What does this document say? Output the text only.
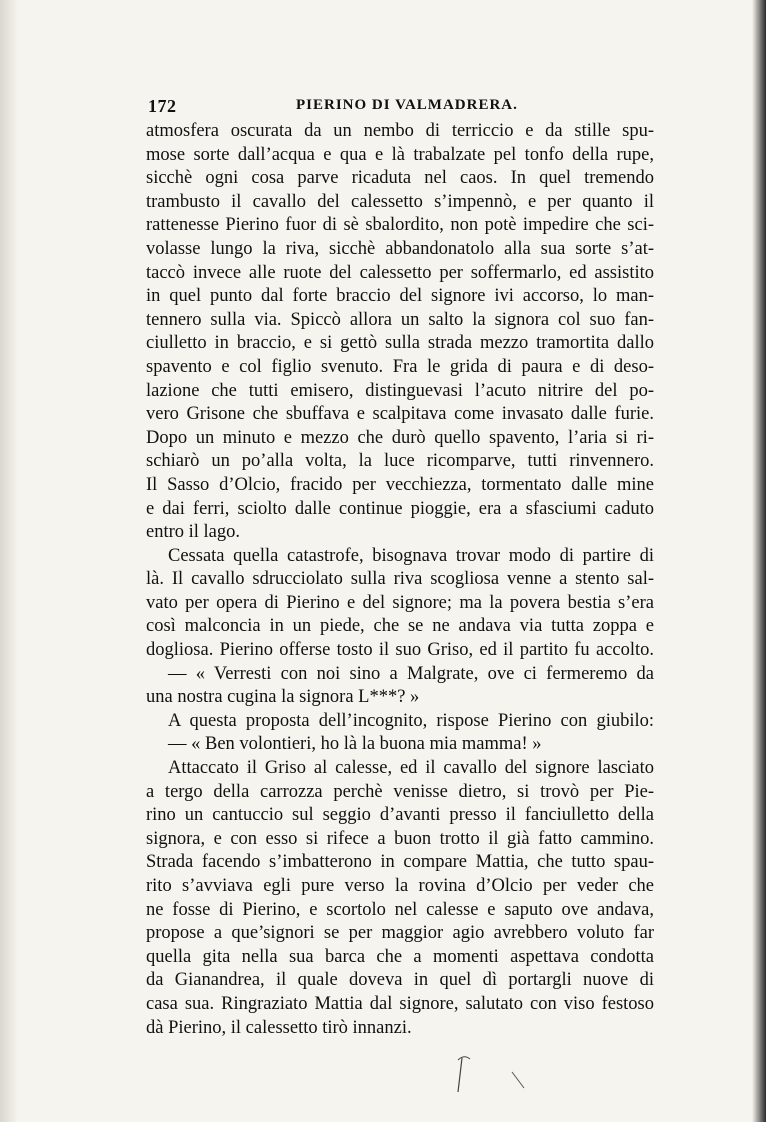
172	PIERINO DI VALMADRERA.
atmosfera oscurata da un nembo di terriccio e da stille spu-
mose sorte dall’acqua e qua e là trabalzate pel tonfo della rupe,
sicchè ogni cosa parve ricaduta nel caos. In quel tremendo
trambusto il cavallo del calessetto s’impennò, e per quanto il
rattenesse Pierino fuor di sè sbalordito, non potè impedire che sci-
volasse lungo la riva, sicchè abbandonatolo alla sua sorte s’at-
taccò invece alle ruote del calessetto per soffermarlo, ed assistito
in quel punto dal forte braccio del signore ivi accorso, lo man-
tennero sulla via. Spiccò allora un salto la signora col suo fan-
ciulletto in braccio, e si gettò sulla strada mezzo tramortita dallo
spavento e col figlio svenuto. Fra le grida di paura e di deso-
lazione che tutti emisero, distinguevasi l’acuto nitrire del po-
vero Grisone che sbuffava e scalpitava come invasato dalle furie.
Dopo un minuto e mezzo che durò quello spavento, l’aria si ri-
schiarò un po’alla volta, la luce ricomparve, tutti rinvennero.
Il Sasso d’Olcio, fracido per vecchiezza, tormentato dalle mine
e dai ferri, sciolto dalle continue pioggie, era a sfasciumi caduto
entro il lago.
Cessata quella catastrofe, bisognava trovar modo di partire di
là. Il cavallo sdrucciolato sulla riva scogliosa venne a stento sal-
vato per opera di Pierino e del signore; ma la povera bestia s’era
così malconcia in un piede, che se ne andava via tutta zoppa e
dogliosa. Pierino offerse tosto il suo Griso, ed il partito fu accolto.
— « Verresti con noi sino a Malgrate, ove ci fermeremo da
una nostra cugina la signora L***? »
A questa proposta dell’incognito, rispose Pierino con giubilo:
— « Ben volontieri, ho là la buona mia mamma! »
Attaccato il Griso al calesse, ed il cavallo del signore lasciato
a tergo della carrozza perchè venisse dietro, si trovò per Pie-
rino un cantuccio sul seggio d’avanti presso il fanciulletto della
signora, e con esso si rifece a buon trotto il già fatto cammino.
Strada facendo s’imbatterono in compare Mattia, che tutto spau-
rito s’avviava egli pure verso la rovina d’Olcio per veder che
ne fosse di Pierino, e scortolo nel calesse e saputo ove andava,
propose a que’signori se per maggior agio avrebbero voluto far
quella gita nella sua barca che a momenti aspettava condotta
da Gianandrea, il quale doveva in quel dì portargli nuove di
casa sua. Ringraziato Mattia dal signore, salutato con viso festoso
dà Pierino, il calessetto tirò innanzi.
